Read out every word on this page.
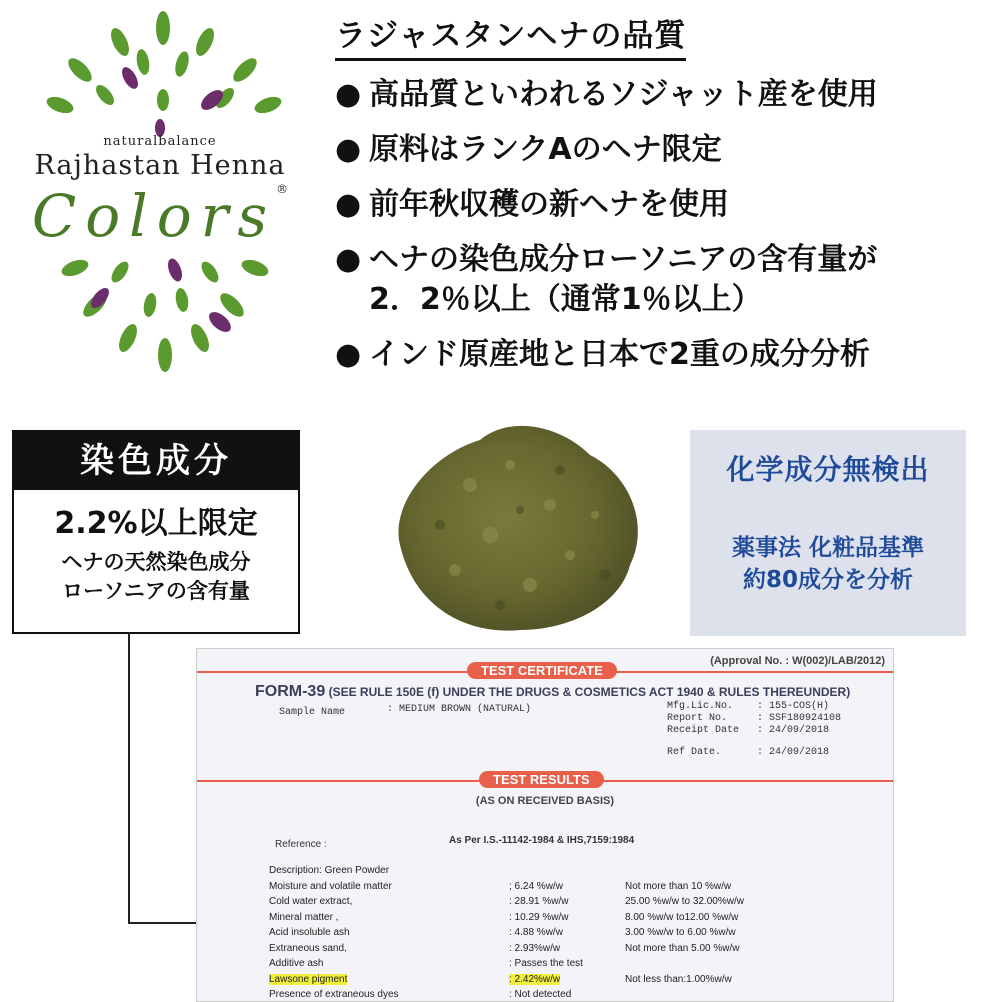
naturalbalance
Rajhastan Henna
Colors®
ラジャスタンヘナの品質
● 高品質といわれるソジャット産を使用
● 原料はランクAのヘナ限定
● 前年秋収穫の新ヘナを使用
● ヘナの染色成分ローソニアの含有量が
2．2％以上（通常1％以上）
● インド原産地と日本で2重の成分分析
染色成分
2.2%以上限定
ヘナの天然染色成分
ローソニアの含有量
化学成分無検出
薬事法 化粧品基準
約80成分を分析
TEST CERTIFICATE
(Approval No. : W(002)/LAB/2012)
FORM-39 (SEE RULE 150E (f) UNDER THE DRUGS & COSMETICS ACT 1940 & RULES THEREUNDER)
Sample Name	: MEDIUM BROWN (NATURAL)	Mfg.Lic.No. : 155-COS(H)
Report No.	: SSF180924108
Receipt Date : 24/09/2018
Ref Date.	: 24/09/2018
TEST RESULTS
(AS ON RECEIVED BASIS)
Reference :	As Per I.S.-11142-1984 & IHS,7159:1984
Description: Green Powder		
Moisture and volatile matter	; 6.24 %w/w	Not more than 10 %w/w
Cold water extract,	: 28.91 %w/w	25.00 %w/w to 32.00%w/w
Mineral matter ,	: 10.29 %w/w	8.00 %w/w to12.00 %w/w
Acid insoluble ash	: 4.88 %w/w	3.00 %w/w to 6.00 %w/w
Extraneous sand,	: 2.93%w/w	Not more than 5.00 %w/w
Additive ash	: Passes the test	
Lawsone pigment	: 2.42%w/w	Not less than:1.00%w/w
Presence of extraneous dyes	: Not detected	
